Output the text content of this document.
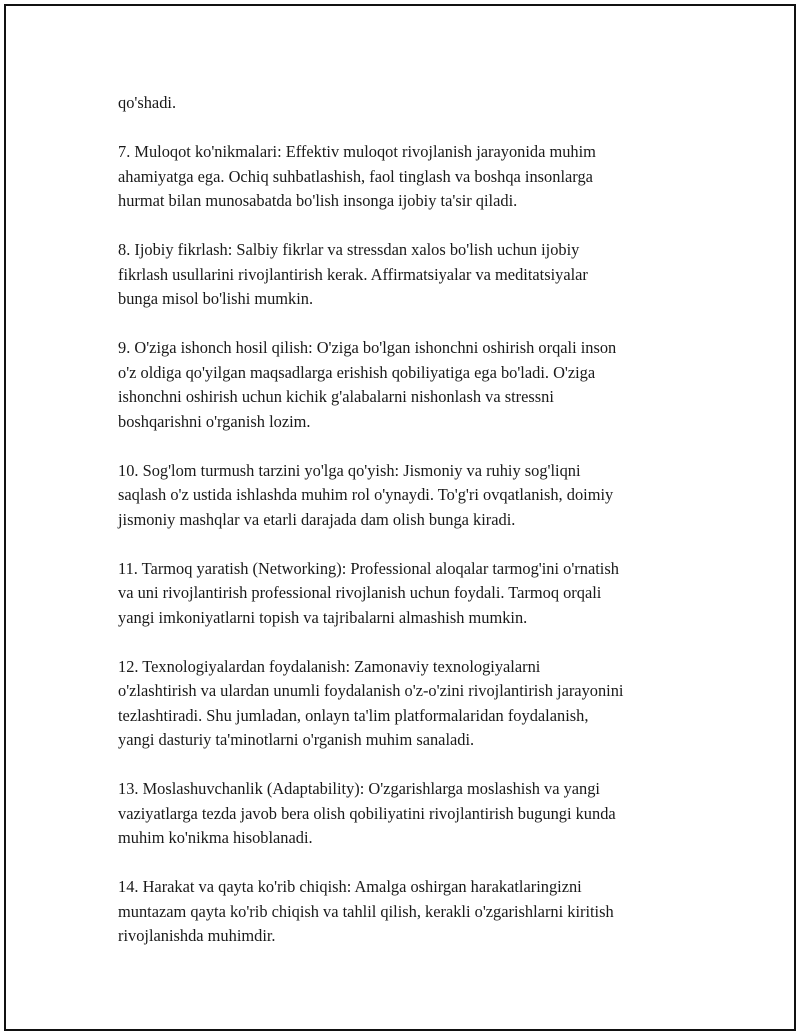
qo'shadi.

7. Muloqot ko'nikmalari: Effektiv muloqot rivojlanish jarayonida muhim
ahamiyatga ega. Ochiq suhbatlashish, faol tinglash va boshqa insonlarga
hurmat bilan munosabatda bo'lish insonga ijobiy ta'sir qiladi.

8. Ijobiy fikrlash: Salbiy fikrlar va stressdan xalos bo'lish uchun ijobiy
fikrlash usullarini rivojlantirish kerak. Affirmatsiyalar va meditatsiyalar
bunga misol bo'lishi mumkin.

9. O'ziga ishonch hosil qilish: O'ziga bo'lgan ishonchni oshirish orqali inson
o'z oldiga qo'yilgan maqsadlarga erishish qobiliyatiga ega bo'ladi. O'ziga
ishonchni oshirish uchun kichik g'alabalarni nishonlash va stressni
boshqarishni o'rganish lozim.

10. Sog'lom turmush tarzini yo'lga qo'yish: Jismoniy va ruhiy sog'liqni
saqlash o'z ustida ishlashda muhim rol o'ynaydi. To'g'ri ovqatlanish, doimiy
jismoniy mashqlar va etarli darajada dam olish bunga kiradi.

11. Tarmoq yaratish (Networking): Professional aloqalar tarmog'ini o'rnatish
va uni rivojlantirish professional rivojlanish uchun foydali. Tarmoq orqali
yangi imkoniyatlarni topish va tajribalarni almashish mumkin.

12. Texnologiyalardan foydalanish: Zamonaviy texnologiyalarni
o'zlashtirish va ulardan unumli foydalanish o'z-o'zini rivojlantirish jarayonini
tezlashtiradi. Shu jumladan, onlayn ta'lim platformalaridan foydalanish,
yangi dasturiy ta'minotlarni o'rganish muhim sanaladi.

13. Moslashuvchanlik (Adaptability): O'zgarishlarga moslashish va yangi
vaziyatlarga tezda javob bera olish qobiliyatini rivojlantirish bugungi kunda
muhim ko'nikma hisoblanadi.

14. Harakat va qayta ko'rib chiqish: Amalga oshirgan harakatlaringizni
muntazam qayta ko'rib chiqish va tahlil qilish, kerakli o'zgarishlarni kiritish
rivojlanishda muhimdir.
